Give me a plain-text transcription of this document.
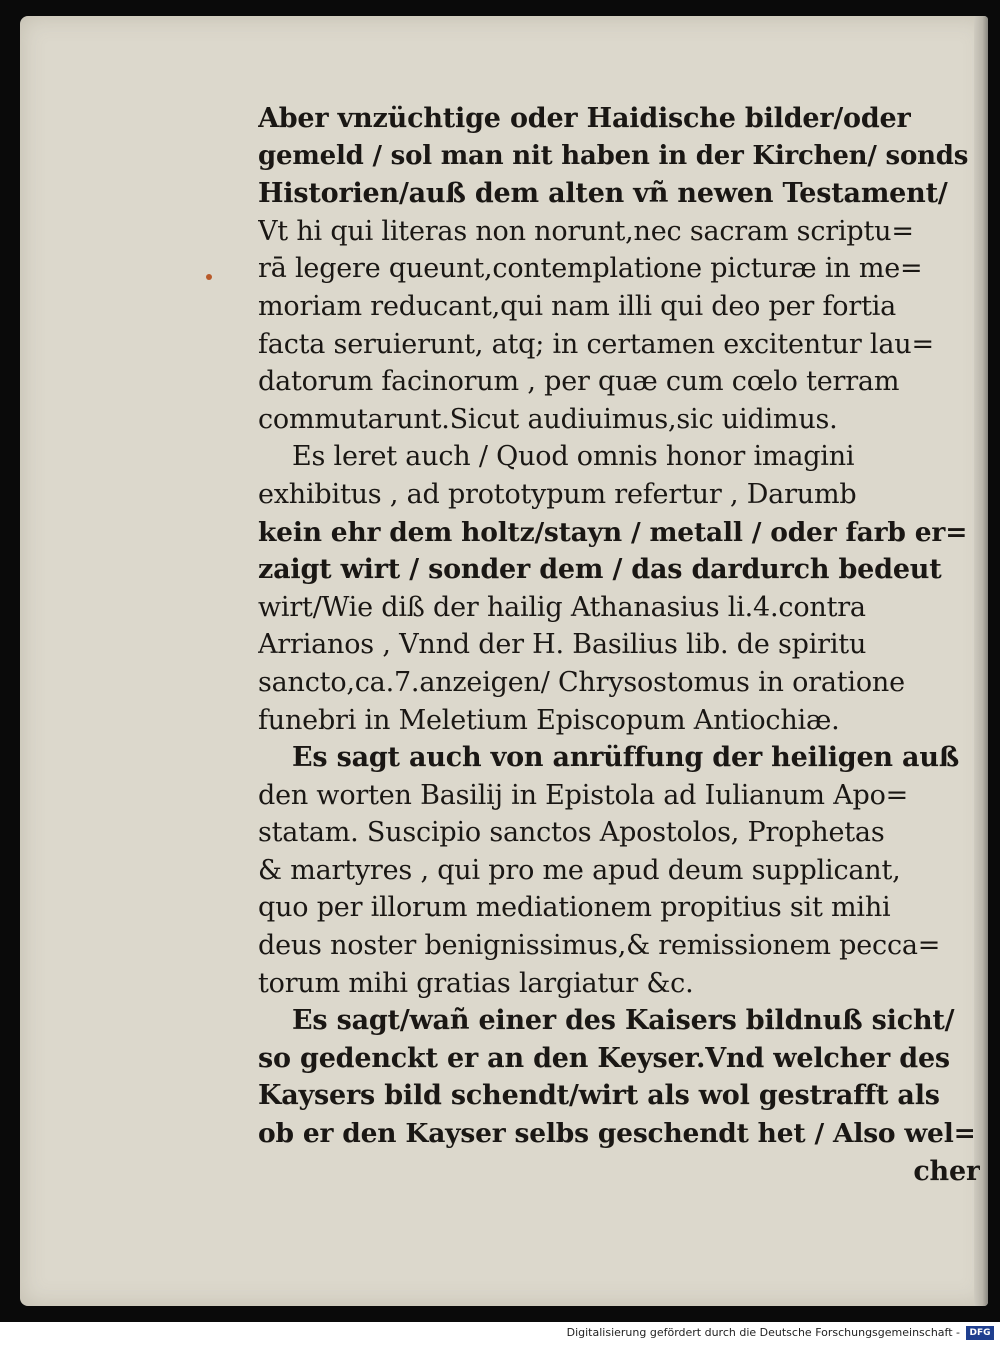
Aber vnzüchtige oder Haidische bilder/oder
gemeld / sol man nit haben in der Kirchen/ sonds
Historien/auß dem alten vñ newen Testament/
Vt hi qui literas non norunt,nec sacram scriptu=
rā legere queunt,contemplatione picturæ in me=
moriam reducant,qui nam illi qui deo per fortia
facta seruierunt, atq; in certamen excitentur lau=
datorum facinorum , per quæ cum cœlo terram
commutarunt.Sicut audiuimus,sic uidimus.
Es leret auch / Quod omnis honor imagini
exhibitus , ad prototypum refertur , Darumb
kein ehr dem holtz/stayn / metall / oder farb er=
zaigt wirt / sonder dem / das dardurch bedeut
wirt/Wie diß der hailig Athanasius li.4.contra
Arrianos , Vnnd der H. Basilius lib. de spiritu
sancto,ca.7.anzeigen/ Chrysostomus in oratione
funebri in Meletium Episcopum Antiochiæ.
Es sagt auch von anrüffung der heiligen auß
den worten Basilij in Epistola ad Iulianum Apo=
statam. Suscipio sanctos Apostolos, Prophetas
& martyres , qui pro me apud deum supplicant,
quo per illorum mediationem propitius sit mihi
deus noster benignissimus,& remissionem pecca=
torum mihi gratias largiatur &c.
Es sagt/wañ einer des Kaisers bildnuß sicht/
so gedenckt er an den Keyser.Vnd welcher des
Kaysers bild schendt/wirt als wol gestrafft als
ob er den Kayser selbs geschendt het / Also wel=
cher
Digitalisierung gefördert durch die Deutsche Forschungsgemeinschaft -	DFG
